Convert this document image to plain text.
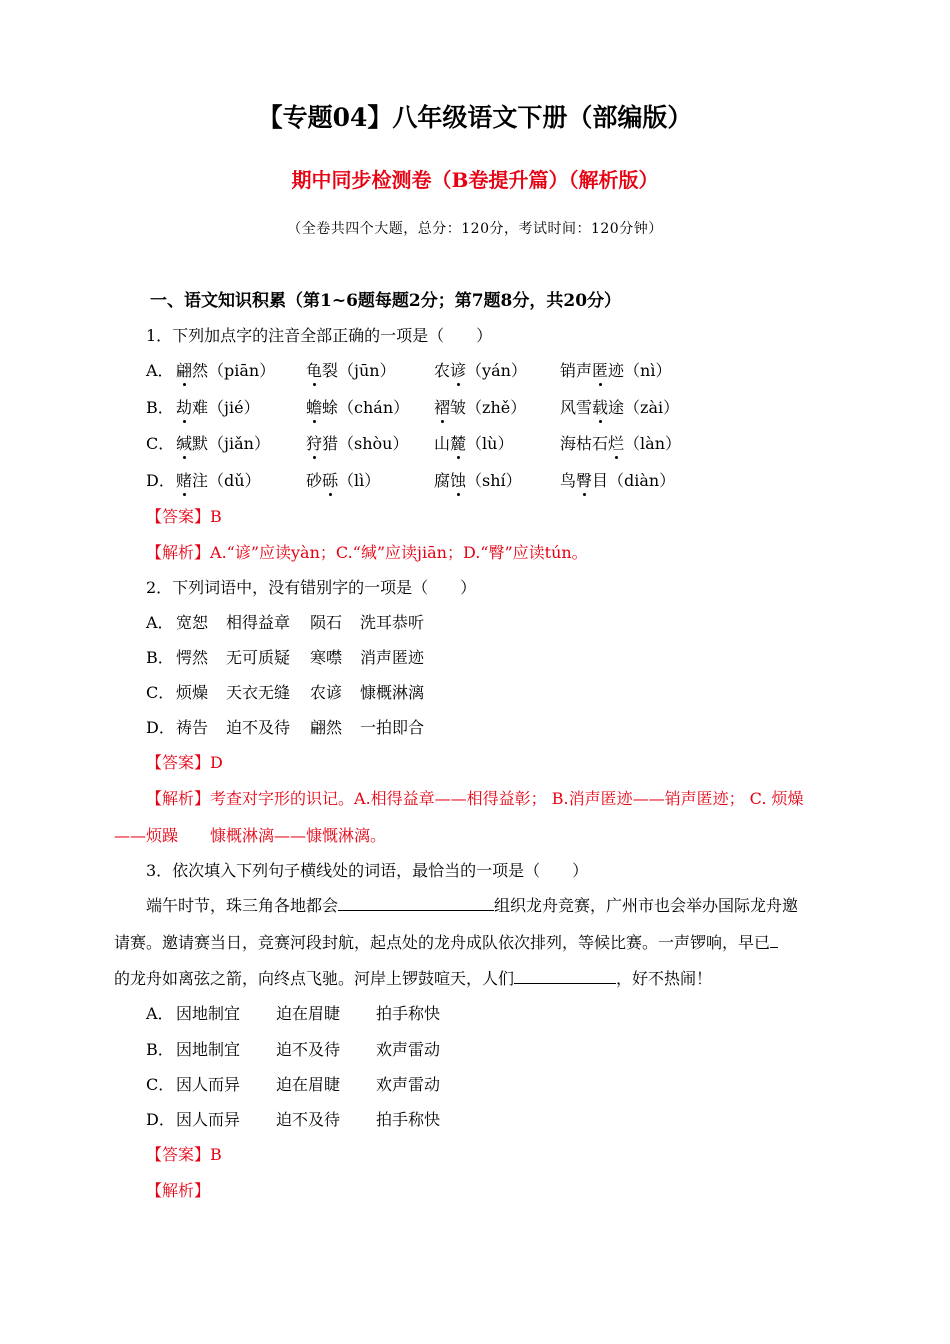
【专题04】八年级语文下册（部编版）
期中同步检测卷（B卷提升篇）（解析版）
（全卷共四个大题，总分：120分，考试时间：120分钟）
一、语文知识积累（第1~6题每题2分；第7题8分，共20分）
1．下列加点字的注音全部正确的一项是（　　）
A． 翩然（piān） 龟裂（jūn） 农谚（yán） 销声匿迹（nì）
B． 劫难（jié）	蟾蜍（chán） 褶皱（zhě） 风雪载途（zài）
C． 缄默（jiǎn） 狩猎（shòu） 山麓（lù）	海枯石烂（làn）
D． 赌注（dǔ）	砂砾（lì）	腐蚀（shí） 鸟臀目（diàn）
【答案】B
【解析】A.“谚”应读yàn；C.“缄”应读jiān；D.“臀”应读tún。
2．下列词语中，没有错别字的一项是（　　）
A． 宽恕 相得益章 陨石 洗耳恭听
B． 愕然 无可质疑 寒噤 消声匿迹
C． 烦燥 天衣无缝 农谚 慷概淋漓
D． 祷告 迫不及待 翩然 一拍即合
【答案】D
【解析】考查对字形的识记。A.相得益章——相得益彰； B.消声匿迹——销声匿迹； C. 烦燥
——烦躁　　慷概淋漓——慷慨淋漓。
3．依次填入下列句子横线处的词语，最恰当的一项是（　　）
端午时节，珠三角各地都会	组织龙舟竞赛，广州市也会举办国际龙舟邀
请赛。邀请赛当日，竞赛河段封航，起点处的龙舟成队依次排列，等候比赛。一声锣响，早已
的龙舟如离弦之箭，向终点飞驰。河岸上锣鼓喧天，人们	，好不热闹！
A． 因地制宜 迫在眉睫 拍手称快
B． 因地制宜 迫不及待 欢声雷动
C． 因人而异 迫在眉睫 欢声雷动
D． 因人而异 迫不及待 拍手称快
【答案】B
【解析】
